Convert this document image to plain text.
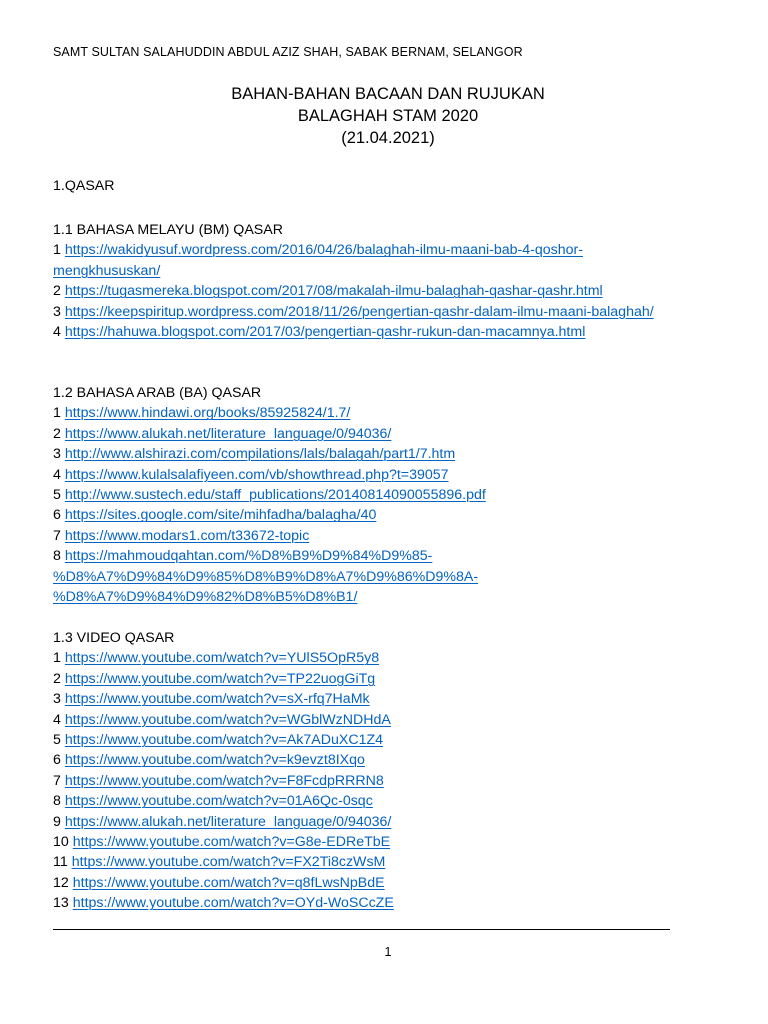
SAMT SULTAN SALAHUDDIN ABDUL AZIZ SHAH, SABAK BERNAM, SELANGOR
BAHAN-BAHAN BACAAN DAN RUJUKAN
BALAGHAH STAM 2020
(21.04.2021)
1.QASAR
1.1 BAHASA MELAYU (BM) QASAR
1 https://wakidyusuf.wordpress.com/2016/04/26/balaghah-ilmu-maani-bab-4-qoshor-
mengkhususkan/
2 https://tugasmereka.blogspot.com/2017/08/makalah-ilmu-balaghah-qashar-qashr.html
3 https://keepspiritup.wordpress.com/2018/11/26/pengertian-qashr-dalam-ilmu-maani-balaghah/
4 https://hahuwa.blogspot.com/2017/03/pengertian-qashr-rukun-dan-macamnya.html
1.2 BAHASA ARAB (BA) QASAR
1 https://www.hindawi.org/books/85925824/1.7/
2 https://www.alukah.net/literature_language/0/94036/
3 http://www.alshirazi.com/compilations/lals/balagah/part1/7.htm
4 https://www.kulalsalafiyeen.com/vb/showthread.php?t=39057
5 http://www.sustech.edu/staff_publications/20140814090055896.pdf
6 https://sites.google.com/site/mihfadha/balagha/40
7 https://www.modars1.com/t33672-topic
8 https://mahmoudqahtan.com/%D8%B9%D9%84%D9%85-
%D8%A7%D9%84%D9%85%D8%B9%D8%A7%D9%86%D9%8A-
%D8%A7%D9%84%D9%82%D8%B5%D8%B1/
1.3 VIDEO QASAR
1 https://www.youtube.com/watch?v=YUlS5OpR5y8
2 https://www.youtube.com/watch?v=TP22uogGiTg
3 https://www.youtube.com/watch?v=sX-rfq7HaMk
4 https://www.youtube.com/watch?v=WGblWzNDHdA
5 https://www.youtube.com/watch?v=Ak7ADuXC1Z4
6 https://www.youtube.com/watch?v=k9evzt8IXqo
7 https://www.youtube.com/watch?v=F8FcdpRRRN8
8 https://www.youtube.com/watch?v=01A6Qc-0sqc
9 https://www.alukah.net/literature_language/0/94036/
10 https://www.youtube.com/watch?v=G8e-EDReTbE
11 https://www.youtube.com/watch?v=FX2Ti8czWsM
12 https://www.youtube.com/watch?v=q8fLwsNpBdE
13 https://www.youtube.com/watch?v=OYd-WoSCcZE
1
